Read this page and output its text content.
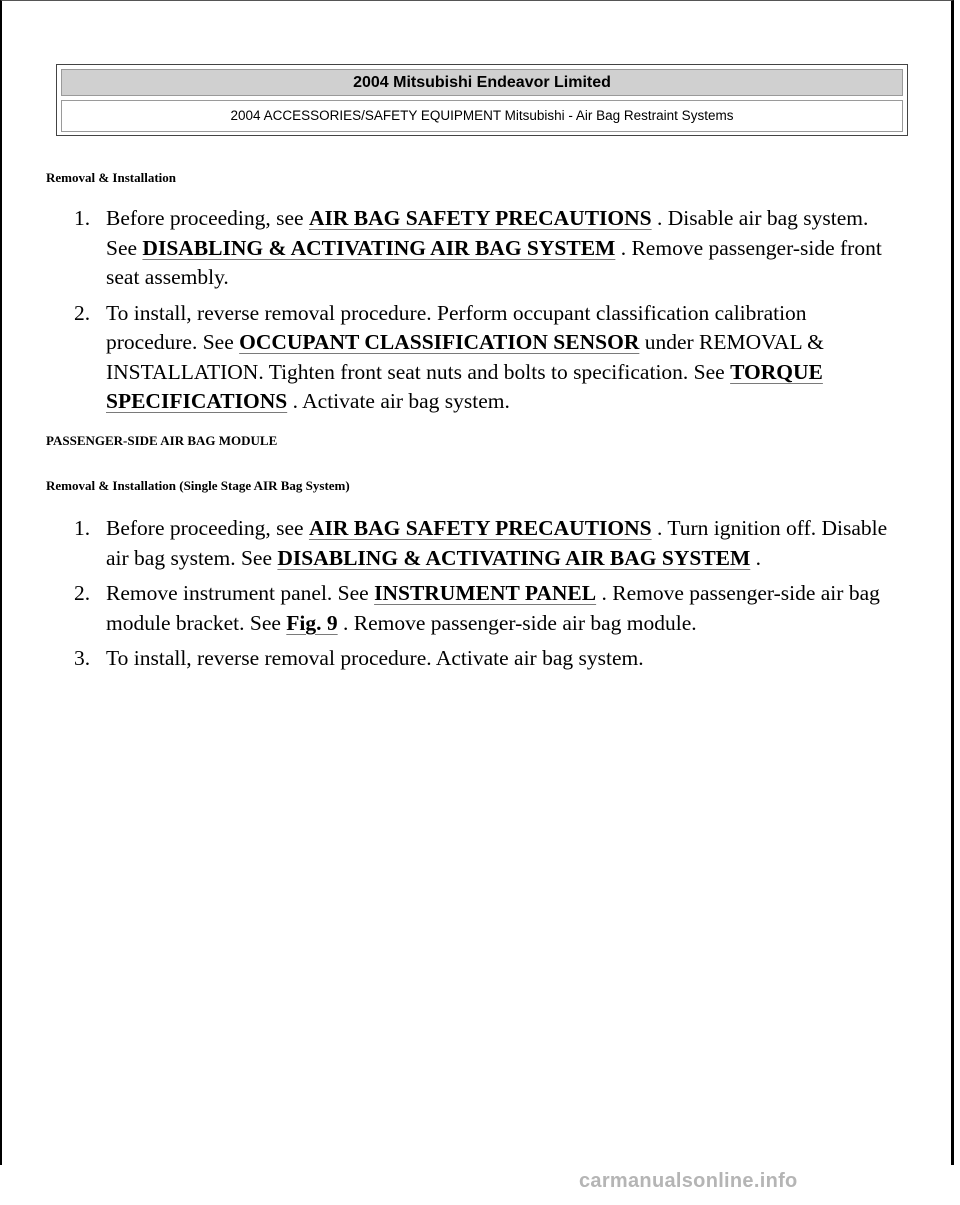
2004 Mitsubishi Endeavor Limited
2004 ACCESSORIES/SAFETY EQUIPMENT Mitsubishi - Air Bag Restraint Systems

Removal & Installation

1. Before proceeding, see AIR BAG SAFETY PRECAUTIONS . Disable air bag system. See DISABLING & ACTIVATING AIR BAG SYSTEM . Remove passenger-side front seat assembly.
2. To install, reverse removal procedure. Perform occupant classification calibration procedure. See OCCUPANT CLASSIFICATION SENSOR under REMOVAL & INSTALLATION. Tighten front seat nuts and bolts to specification. See TORQUE SPECIFICATIONS . Activate air bag system.

PASSENGER-SIDE AIR BAG MODULE

Removal & Installation (Single Stage AIR Bag System)

1. Before proceeding, see AIR BAG SAFETY PRECAUTIONS . Turn ignition off. Disable air bag system. See DISABLING & ACTIVATING AIR BAG SYSTEM .
2. Remove instrument panel. See INSTRUMENT PANEL . Remove passenger-side air bag module bracket. See Fig. 9 . Remove passenger-side air bag module.
3. To install, reverse removal procedure. Activate air bag system.
carmanualsonline.info
